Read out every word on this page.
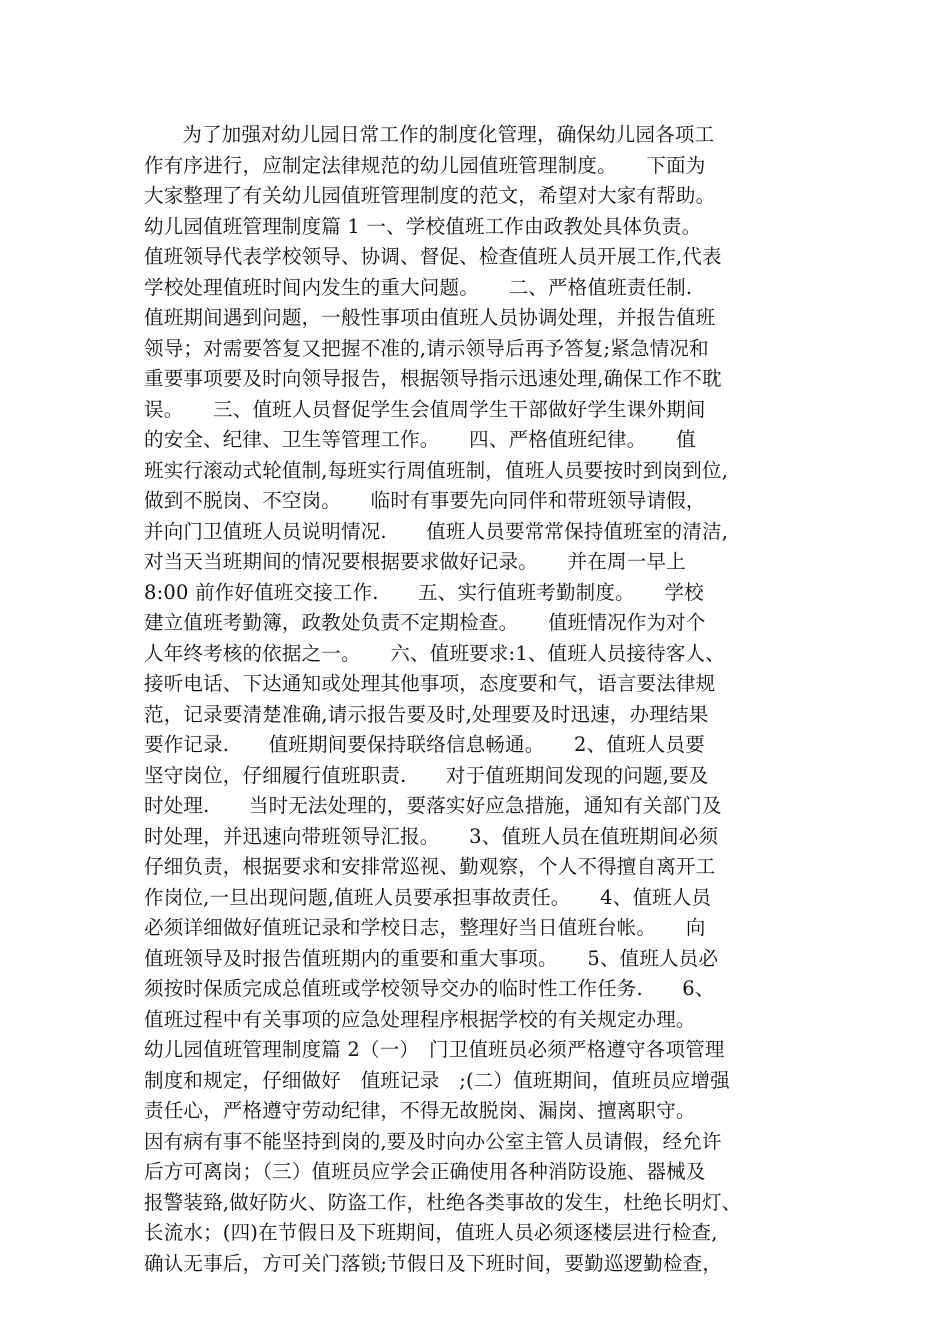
为了加强对幼儿园日常工作的制度化管理，确保幼儿园各项工
作有序进行，应制定法律规范的幼儿园值班管理制度。　　下面为
大家整理了有关幼儿园值班管理制度的范文，希望对大家有帮助。
幼儿园值班管理制度篇 1 一、学校值班工作由政教处具体负责。
值班领导代表学校领导、协调、督促、检查值班人员开展工作,代表
学校处理值班时间内发生的重大问题。　　二、严格值班责任制.
值班期间遇到问题，一般性事项由值班人员协调处理，并报告值班
领导；对需要答复又把握不准的,请示领导后再予答复;紧急情况和
重要事项要及时向领导报告，根据领导指示迅速处理,确保工作不耽
误。　　三、值班人员督促学生会值周学生干部做好学生课外期间
的安全、纪律、卫生等管理工作。　　四、严格值班纪律。　　值
班实行滚动式轮值制,每班实行周值班制，值班人员要按时到岗到位,
做到不脱岗、不空岗。　　临时有事要先向同伴和带班领导请假，
并向门卫值班人员说明情况.　　值班人员要常常保持值班室的清洁,
对当天当班期间的情况要根据要求做好记录。　　并在周一早上
8:00 前作好值班交接工作.　　五、实行值班考勤制度。　　学校
建立值班考勤簿，政教处负责不定期检查。　　值班情况作为对个
人年终考核的依据之一。　　六、值班要求:1、值班人员接待客人、
接听电话、下达通知或处理其他事项，态度要和气，语言要法律规
范，记录要清楚准确,请示报告要及时,处理要及时迅速，办理结果
要作记录.　　值班期间要保持联络信息畅通。　　2、值班人员要
坚守岗位，仔细履行值班职责.　　对于值班期间发现的问题,要及
时处理.　　当时无法处理的，要落实好应急措施，通知有关部门及
时处理，并迅速向带班领导汇报。　　3、值班人员在值班期间必须
仔细负责，根据要求和安排常巡视、勤观察，个人不得擅自离开工
作岗位,一旦出现问题,值班人员要承担事故责任。　　4、值班人员
必须详细做好值班记录和学校日志，整理好当日值班台帐。　　向
值班领导及时报告值班期内的重要和重大事项。　　5、值班人员必
须按时保质完成总值班或学校领导交办的临时性工作任务.　　6、
值班过程中有关事项的应急处理程序根据学校的有关规定办理。
幼儿园值班管理制度篇 2（一）　门卫值班员必须严格遵守各项管理
制度和规定，仔细做好　值班记录　;(二）值班期间，值班员应增强
责任心，严格遵守劳动纪律，不得无故脱岗、漏岗、擅离职守。
因有病有事不能坚持到岗的,要及时向办公室主管人员请假，经允许
后方可离岗；（三）值班员应学会正确使用各种消防设施、器械及
报警装臵,做好防火、防盗工作，杜绝各类事故的发生，杜绝长明灯、
长流水；(四)在节假日及下班期间，值班人员必须逐楼层进行检查,
确认无事后，方可关门落锁;节假日及下班时间，要勤巡逻勤检查，
